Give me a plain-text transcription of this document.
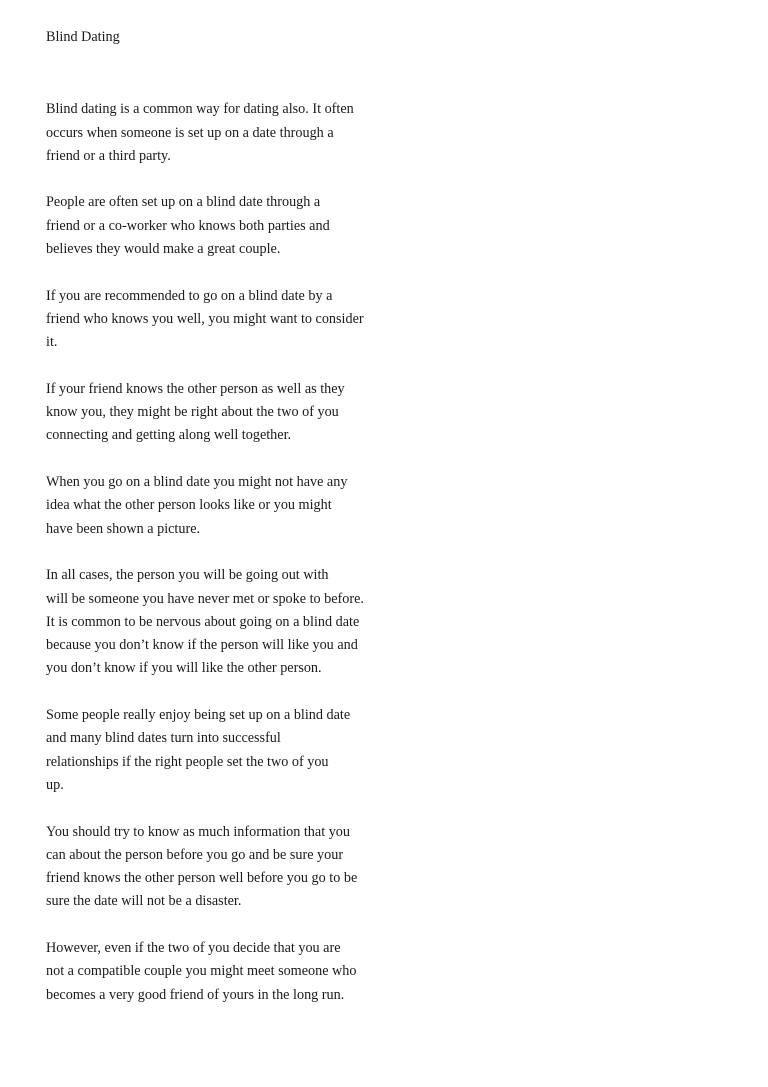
Blind Dating
Blind dating is a common way for dating also. It often
occurs when someone is set up on a date through a
friend or a third party.
People are often set up on a blind date through a
friend or a co-worker who knows both parties and
believes they would make a great couple.
If you are recommended to go on a blind date by a
friend who knows you well, you might want to consider
it.
If your friend knows the other person as well as they
know you, they might be right about the two of you
connecting and getting along well together.
When you go on a blind date you might not have any
idea what the other person looks like or you might
have been shown a picture.
In all cases, the person you will be going out with
will be someone you have never met or spoke to before.
It is common to be nervous about going on a blind date
because you don’t know if the person will like you and
you don’t know if you will like the other person.
Some people really enjoy being set up on a blind date
and many blind dates turn into successful
relationships if the right people set the two of you
up.
You should try to know as much information that you
can about the person before you go and be sure your
friend knows the other person well before you go to be
sure the date will not be a disaster.
However, even if the two of you decide that you are
not a compatible couple you might meet someone who
becomes a very good friend of yours in the long run.
